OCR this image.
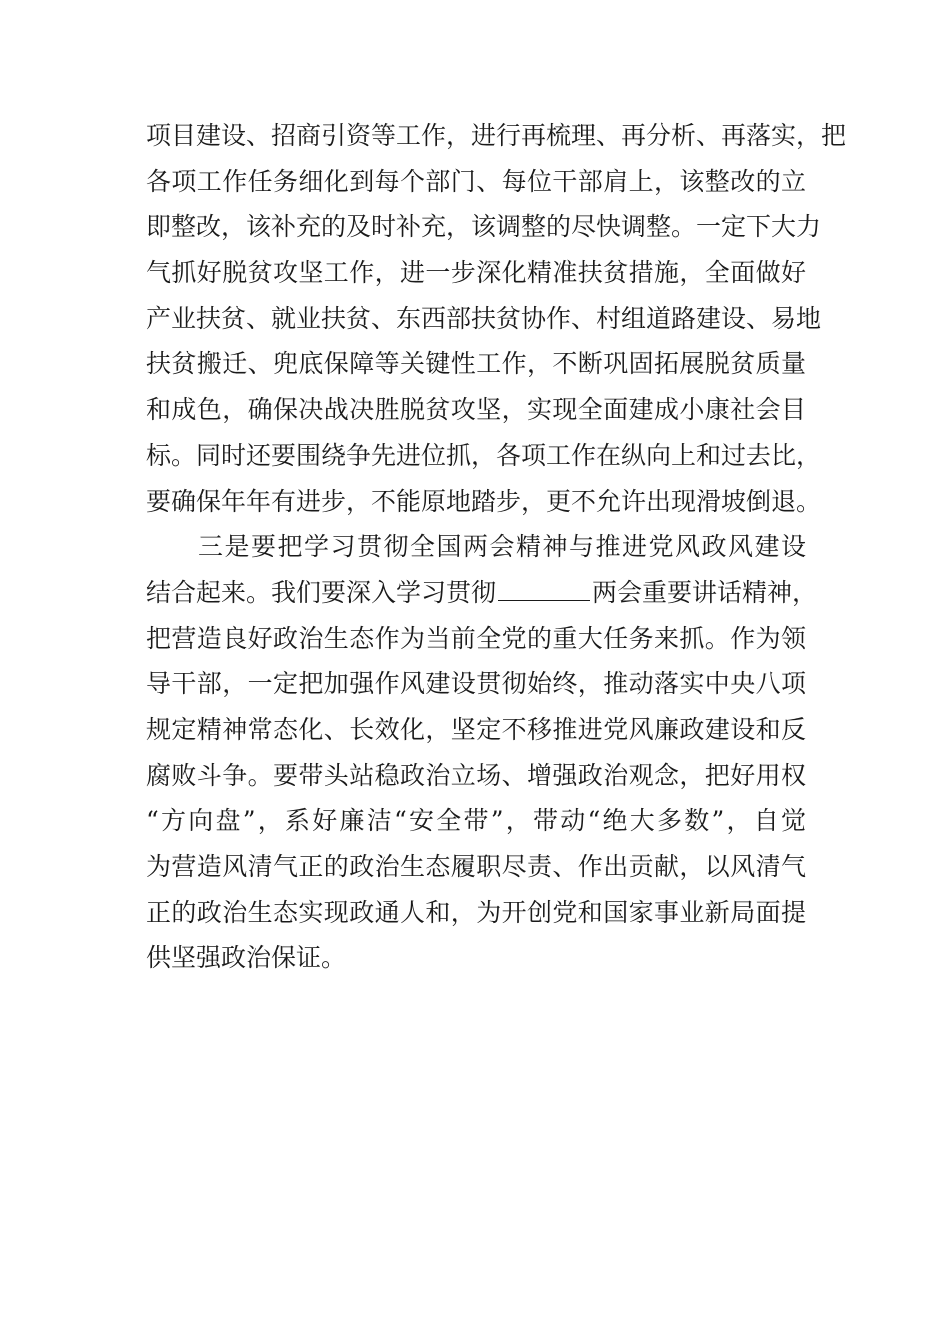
项目建设、招商引资等工作，进行再梳理、再分析、再落实，把
各项工作任务细化到每个部门、每位干部肩上，该整改的立
即整改，该补充的及时补充，该调整的尽快调整。一定下大力
气抓好脱贫攻坚工作，进一步深化精准扶贫措施，全面做好
产业扶贫、就业扶贫、东西部扶贫协作、村组道路建设、易地
扶贫搬迁、兜底保障等关键性工作，不断巩固拓展脱贫质量
和成色，确保决战决胜脱贫攻坚，实现全面建成小康社会目
标。同时还要围绕争先进位抓，各项工作在纵向上和过去比，
要确保年年有进步，不能原地踏步，更不允许出现滑坡倒退。
三是要把学习贯彻全国两会精神与推进党风政风建设
结合起来。我们要深入学习贯彻	两会重要讲话精神，
把营造良好政治生态作为当前全党的重大任务来抓。作为领
导干部，一定把加强作风建设贯彻始终，推动落实中央八项
规定精神常态化、长效化，坚定不移推进党风廉政建设和反
腐败斗争。要带头站稳政治立场、增强政治观念，把好用权
“方向盘”，系好廉洁“安全带”，带动“绝大多数”，自觉
为营造风清气正的政治生态履职尽责、作出贡献，以风清气
正的政治生态实现政通人和，为开创党和国家事业新局面提
供坚强政治保证。
